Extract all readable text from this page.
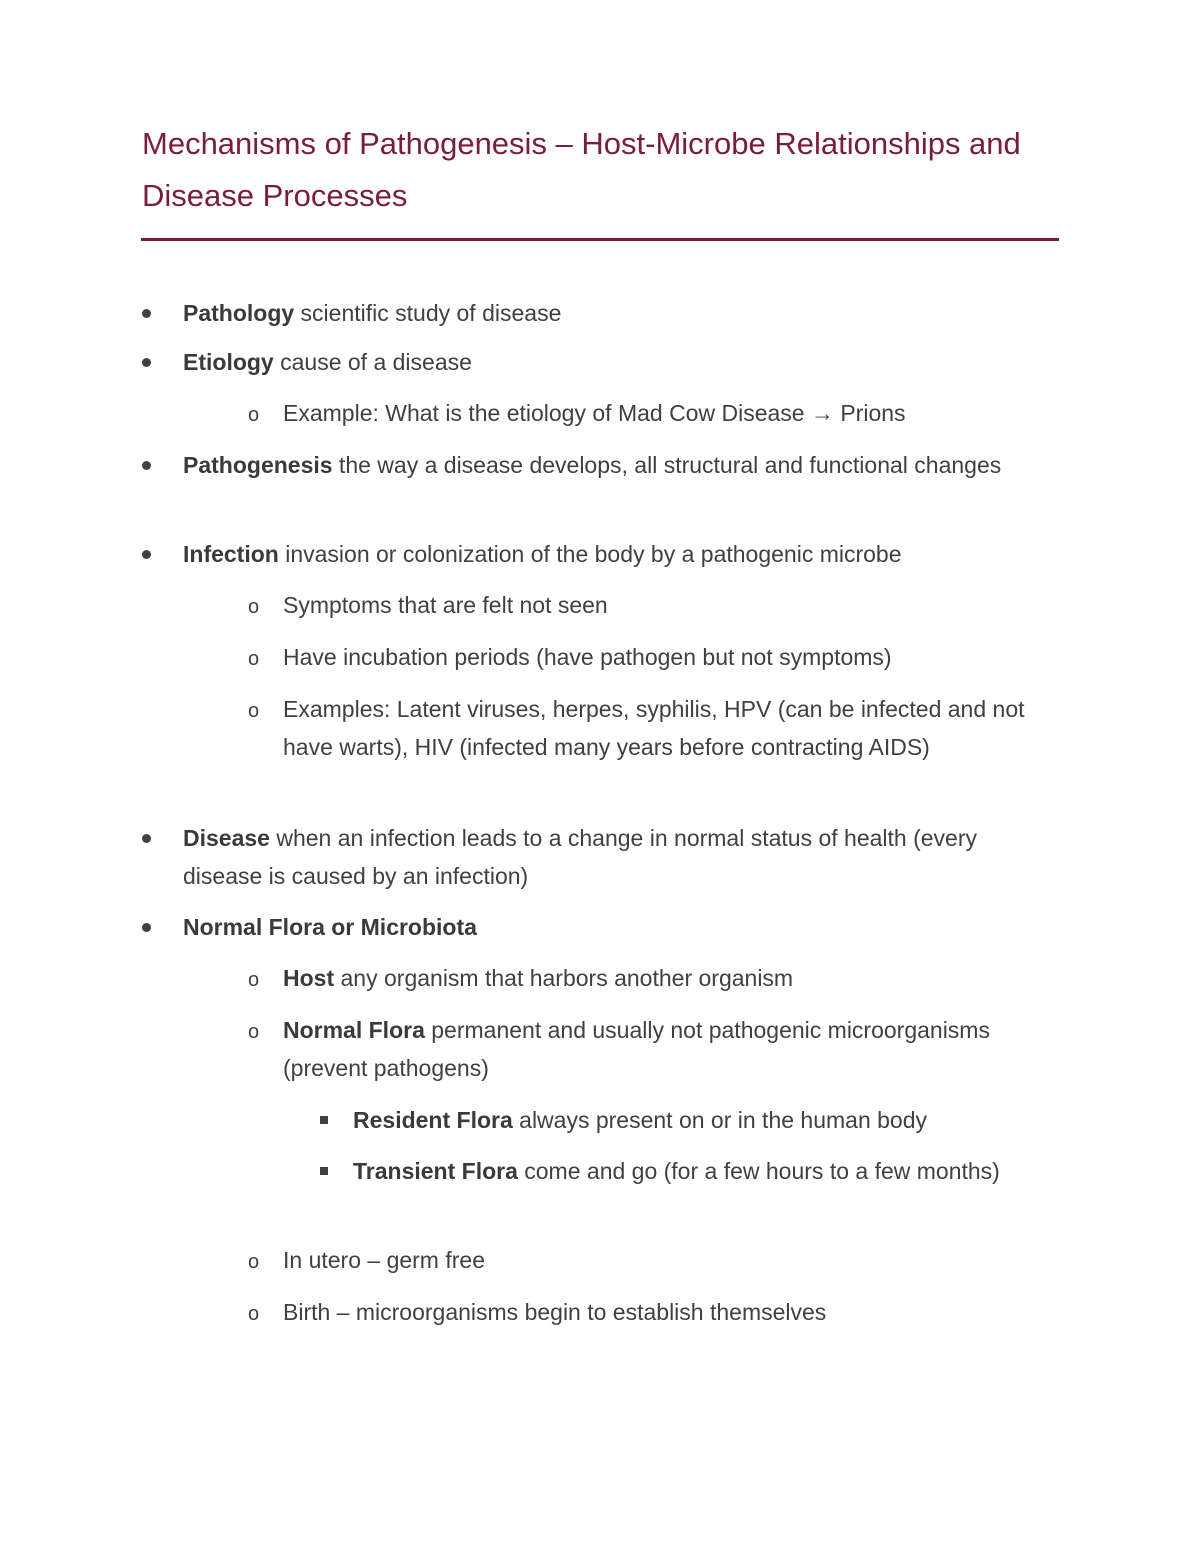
Mechanisms of Pathogenesis – Host-Microbe Relationships and Disease Processes
Pathology scientific study of disease
Etiology cause of a disease
o Example: What is the etiology of Mad Cow Disease → Prions
Pathogenesis the way a disease develops, all structural and functional changes
Infection invasion or colonization of the body by a pathogenic microbe
o Symptoms that are felt not seen
o Have incubation periods (have pathogen but not symptoms)
o Examples: Latent viruses, herpes, syphilis, HPV (can be infected and not have warts), HIV (infected many years before contracting AIDS)
Disease when an infection leads to a change in normal status of health (every disease is caused by an infection)
Normal Flora or Microbiota
o Host any organism that harbors another organism
o Normal Flora permanent and usually not pathogenic microorganisms (prevent pathogens)
Resident Flora always present on or in the human body
Transient Flora come and go (for a few hours to a few months)
o In utero – germ free
o Birth – microorganisms begin to establish themselves
